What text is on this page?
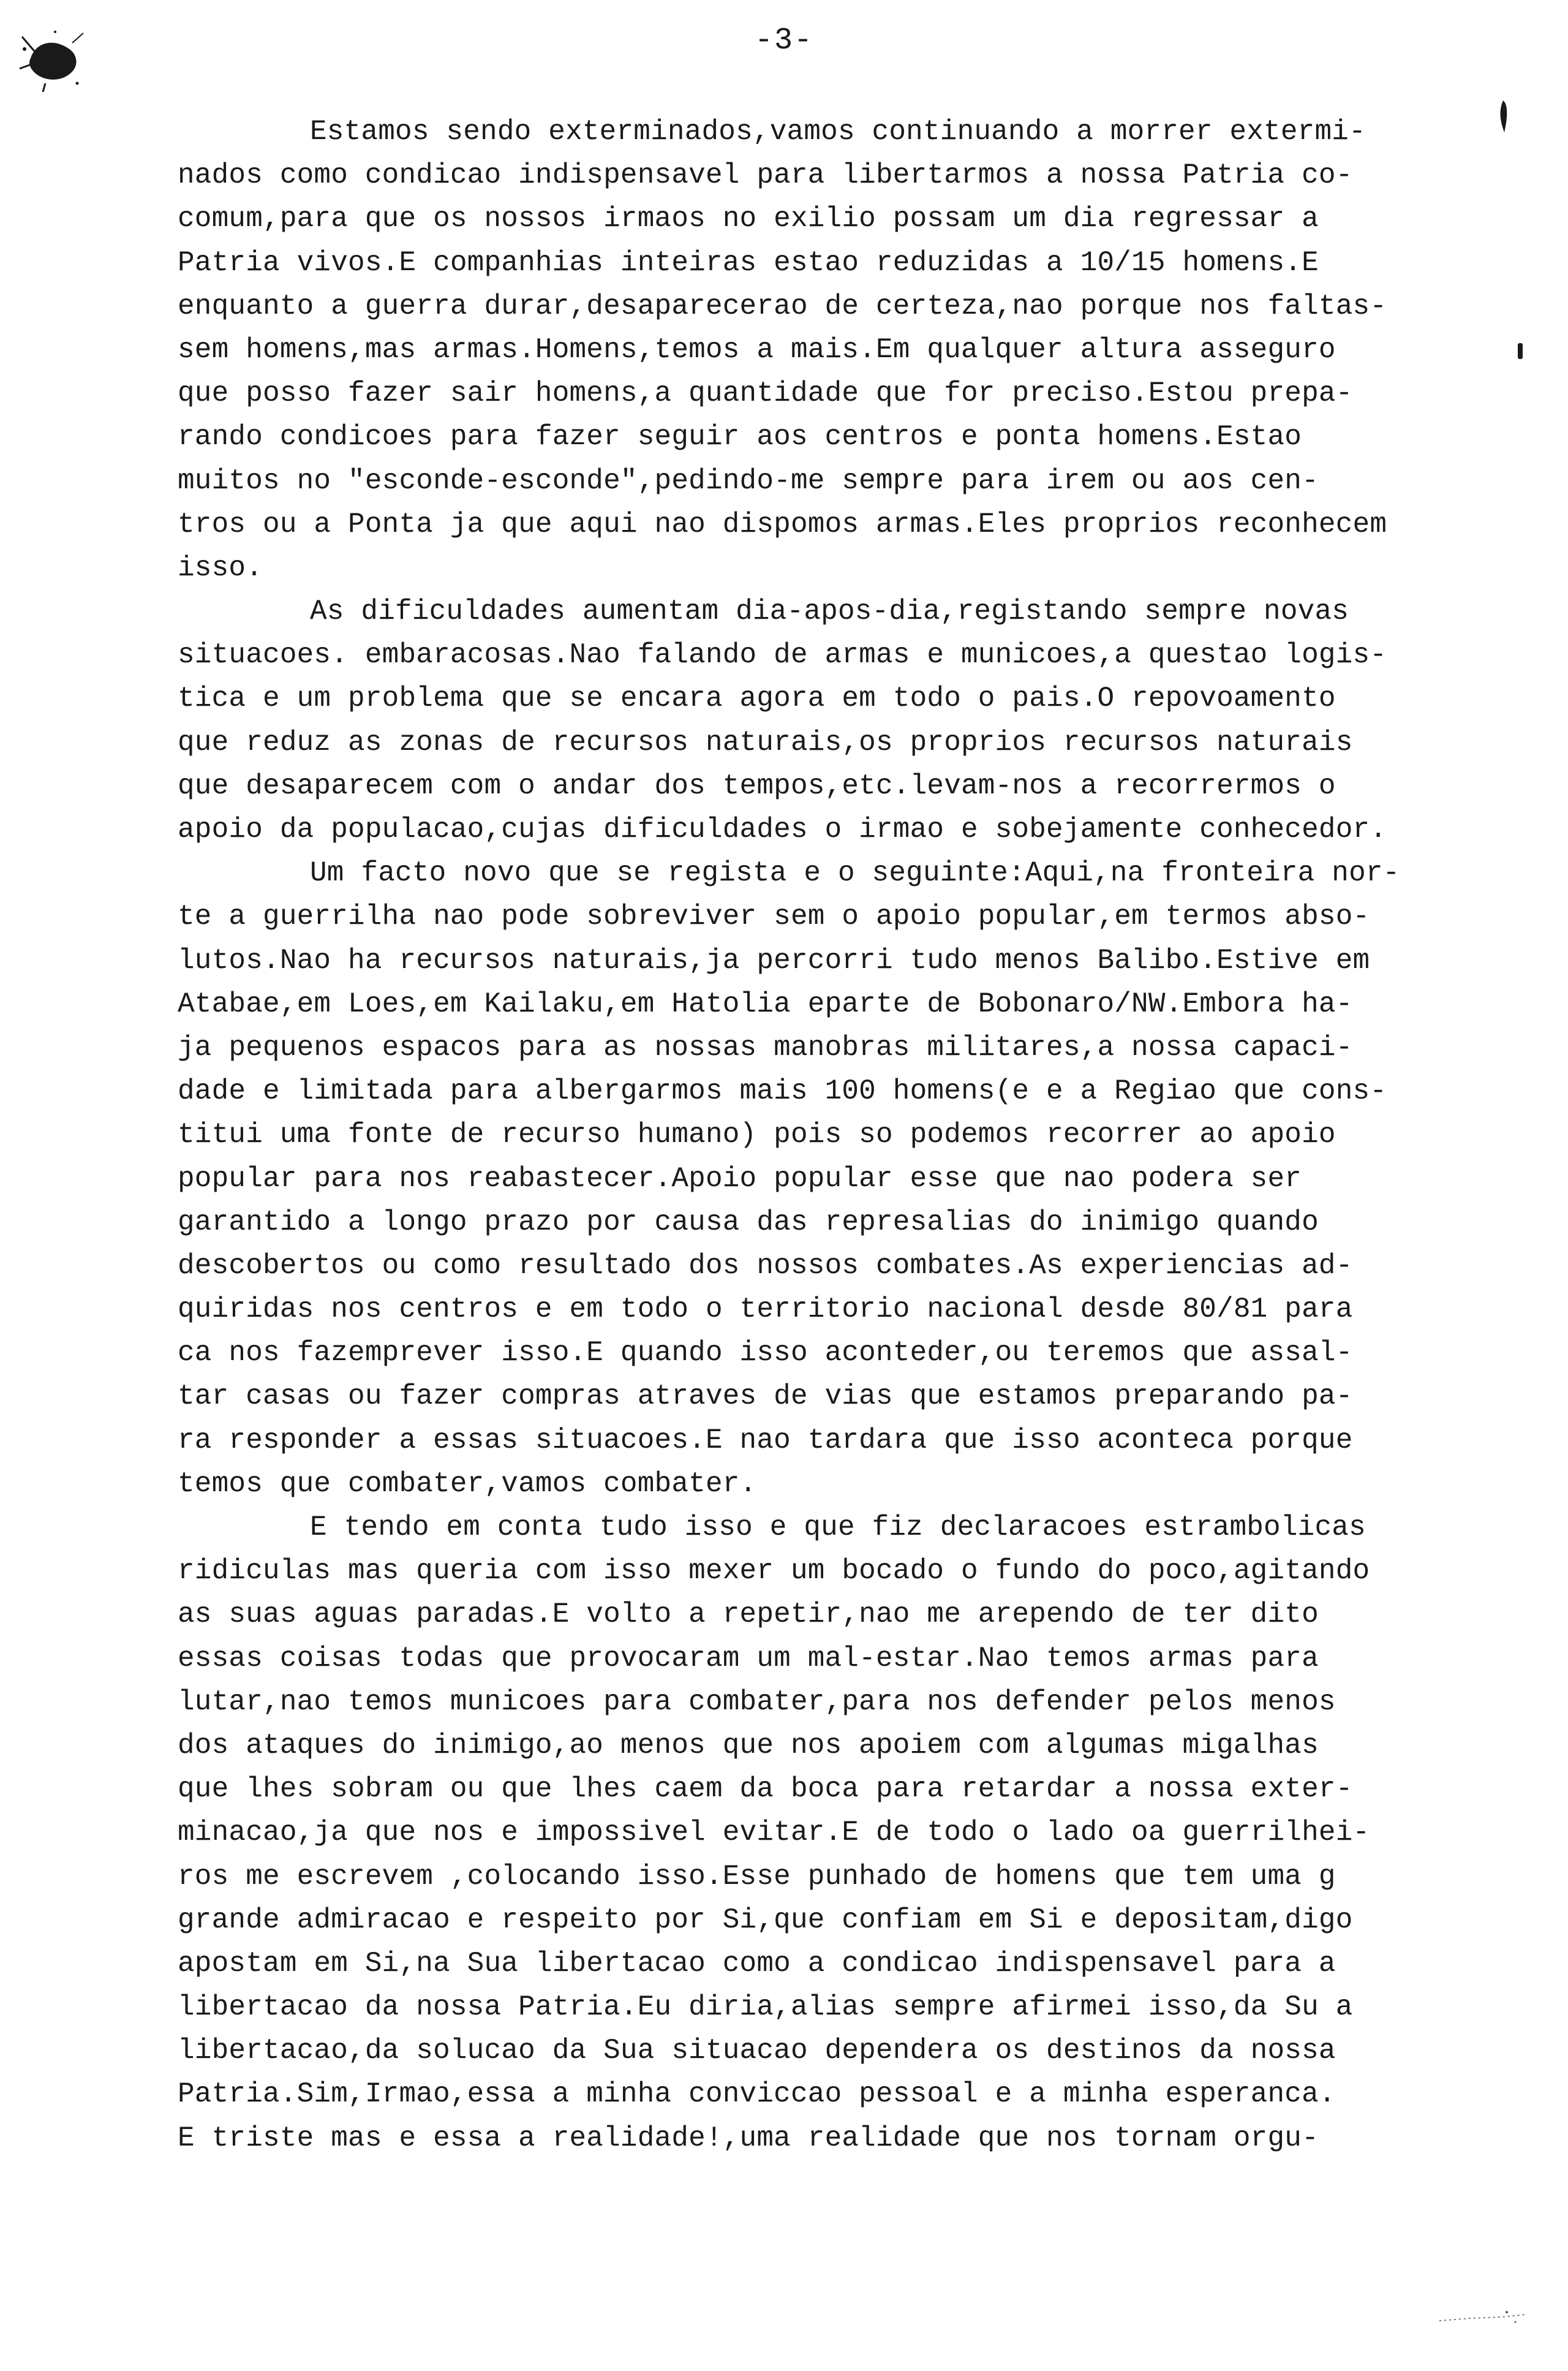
-3-
Estamos sendo exterminados,vamos continuando a morrer extermi-
nados como condicao indispensavel para libertarmos a nossa Patria co-
comum,para que os nossos irmaos no exilio possam um dia regressar a
Patria vivos.E companhias inteiras estao reduzidas a 10/15 homens.E
enquanto a guerra durar,desaparecerao de certeza,nao porque nos faltas-
sem homens,mas armas.Homens,temos a mais.Em qualquer altura asseguro
que posso fazer sair homens,a quantidade que for preciso.Estou prepa-
rando condicoes para fazer seguir aos centros e ponta homens.Estao
muitos no "esconde-esconde",pedindo-me sempre para irem ou aos cen-
tros ou a Ponta ja que aqui nao dispomos armas.Eles proprios reconhecem
isso.
As dificuldades aumentam dia-apos-dia,registando sempre novas
situacoes. embaracosas.Nao falando de armas e municoes,a questao logis-
tica e um problema que se encara agora em todo o pais.O repovoamento
que reduz as zonas de recursos naturais,os proprios recursos naturais
que desaparecem com o andar dos tempos,etc.levam-nos a recorrermos o
apoio da populacao,cujas dificuldades o irmao e sobejamente conhecedor.
Um facto novo que se regista e o seguinte:Aqui,na fronteira nor-
te a guerrilha nao pode sobreviver sem o apoio popular,em termos abso-
lutos.Nao ha recursos naturais,ja percorri tudo menos Balibo.Estive em
Atabae,em Loes,em Kailaku,em Hatolia eparte de Bobonaro/NW.Embora ha-
ja pequenos espacos para as nossas manobras militares,a nossa capaci-
dade e limitada para albergarmos mais 100 homens(e e a Regiao que cons-
titui uma fonte de recurso humano) pois so podemos recorrer ao apoio
popular para nos reabastecer.Apoio popular esse que nao podera ser
garantido a longo prazo por causa das represalias do inimigo quando
descobertos ou como resultado dos nossos combates.As experiencias ad-
quiridas nos centros e em todo o territorio nacional desde 80/81 para
ca nos fazemprever isso.E quando isso aconteder,ou teremos que assal-
tar casas ou fazer compras atraves de vias que estamos preparando pa-
ra responder a essas situacoes.E nao tardara que isso aconteca porque
temos que combater,vamos combater.
E tendo em conta tudo isso e que fiz declaracoes estrambolicas
ridiculas mas queria com isso mexer um bocado o fundo do poco,agitando
as suas aguas paradas.E volto a repetir,nao me arependo de ter dito
essas coisas todas que provocaram um mal-estar.Nao temos armas para
lutar,nao temos municoes para combater,para nos defender pelos menos
dos ataques do inimigo,ao menos que nos apoiem com algumas migalhas
que lhes sobram ou que lhes caem da boca para retardar a nossa exter-
minacao,ja que nos e impossivel evitar.E de todo o lado oa guerrilhei-
ros me escrevem ,colocando isso.Esse punhado de homens que tem uma g
grande admiracao e respeito por Si,que confiam em Si e depositam,digo
apostam em Si,na Sua libertacao como a condicao indispensavel para a
libertacao da nossa Patria.Eu diria,alias sempre afirmei isso,da Su a
libertacao,da solucao da Sua situacao dependera os destinos da nossa
Patria.Sim,Irmao,essa a minha conviccao pessoal e a minha esperanca.
E triste mas e essa a realidade!,uma realidade que nos tornam orgu-
